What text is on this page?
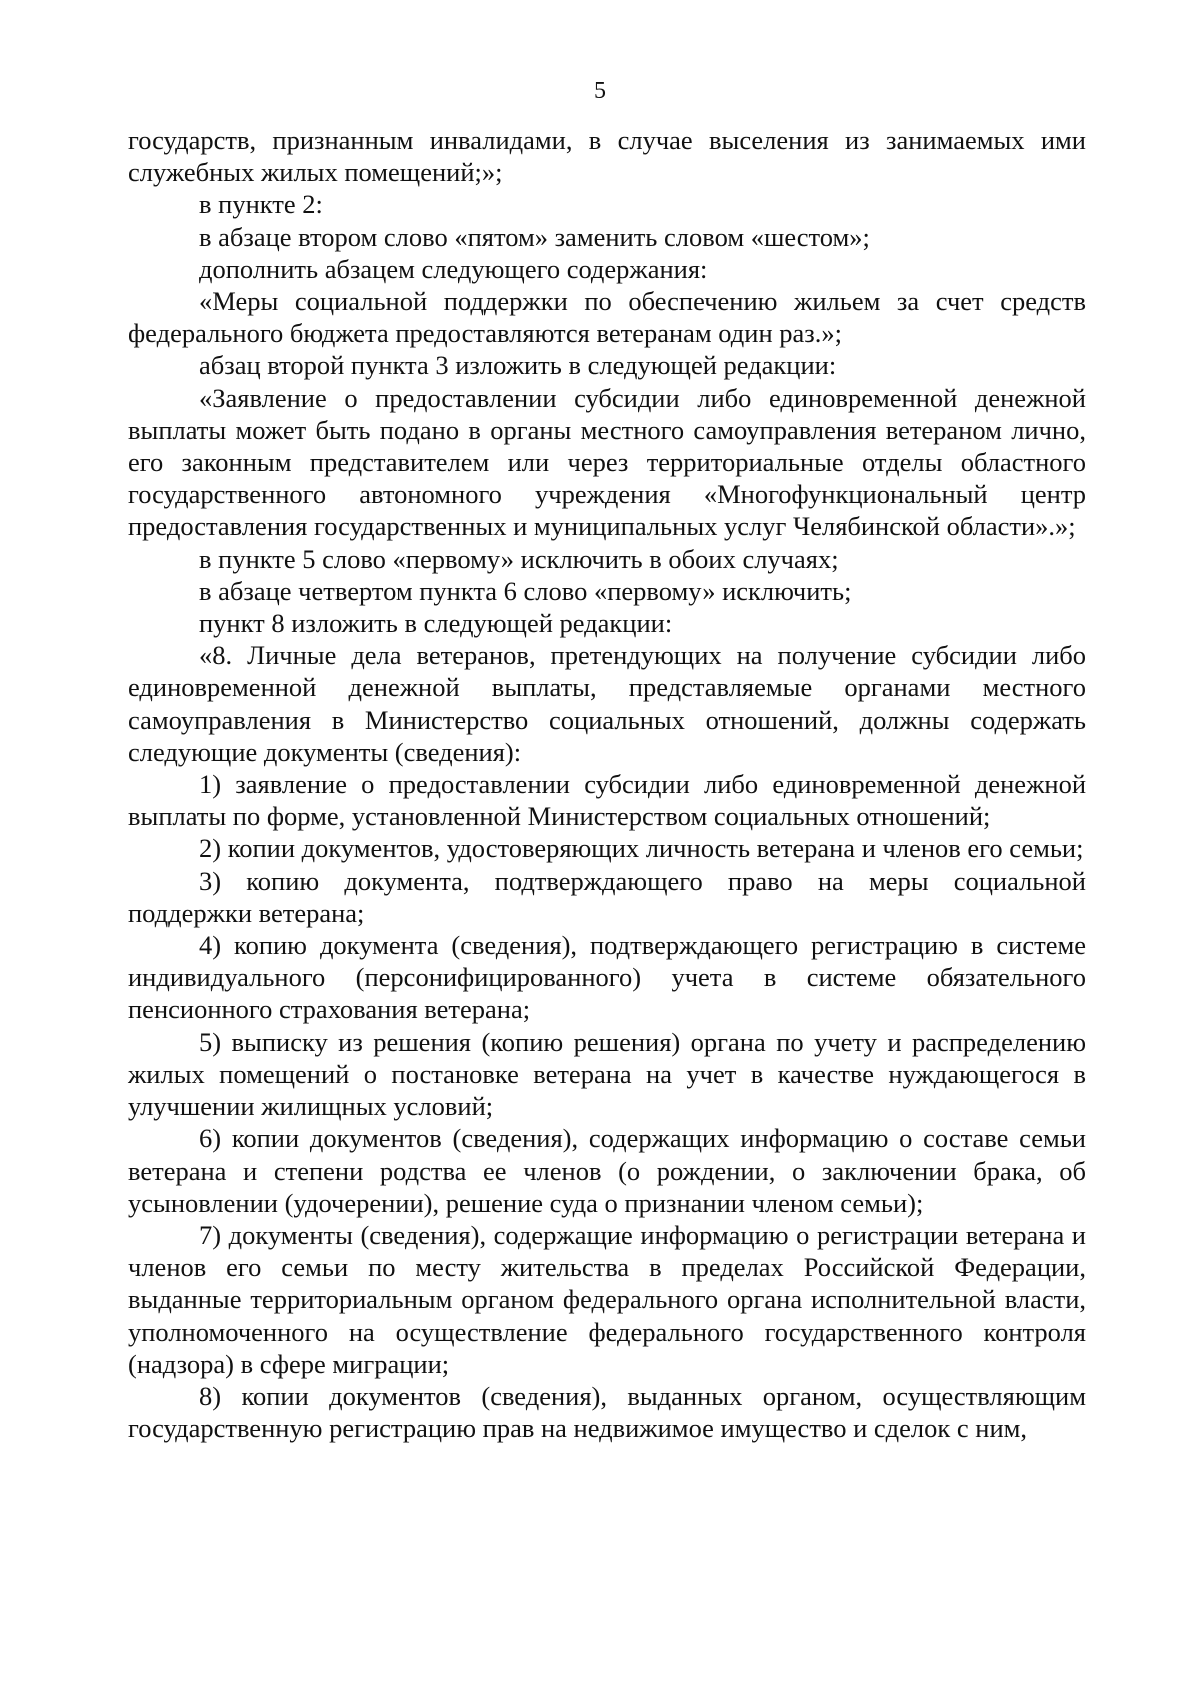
5

государств, признанным инвалидами, в случае выселения из занимаемых ими служебных жилых помещений;»;

в пункте 2:

в абзаце втором слово «пятом» заменить словом «шестом»;

дополнить абзацем следующего содержания:

«Меры социальной поддержки по обеспечению жильем за счет средств федерального бюджета предоставляются ветеранам один раз.»;

абзац второй пункта 3 изложить в следующей редакции:

«Заявление о предоставлении субсидии либо единовременной денежной выплаты может быть подано в органы местного самоуправления ветераном лично, его законным представителем или через территориальные отделы областного государственного автономного учреждения «Многофункциональный центр предоставления государственных и муниципальных услуг Челябинской области».»;

в пункте 5 слово «первому» исключить в обоих случаях;

в абзаце четвертом пункта 6 слово «первому» исключить;

пункт 8 изложить в следующей редакции:

«8. Личные дела ветеранов, претендующих на получение субсидии либо единовременной денежной выплаты, представляемые органами местного самоуправления в Министерство социальных отношений, должны содержать следующие документы (сведения):

1) заявление о предоставлении субсидии либо единовременной денежной выплаты по форме, установленной Министерством социальных отношений;

2) копии документов, удостоверяющих личность ветерана и членов его семьи;

3) копию документа, подтверждающего право на меры социальной поддержки ветерана;

4) копию документа (сведения), подтверждающего регистрацию в системе индивидуального (персонифицированного) учета в системе обязательного пенсионного страхования ветерана;

5) выписку из решения (копию решения) органа по учету и распределению жилых помещений о постановке ветерана на учет в качестве нуждающегося в улучшении жилищных условий;

6) копии документов (сведения), содержащих информацию о составе семьи ветерана и степени родства ее членов (о рождении, о заключении брака, об усыновлении (удочерении), решение суда о признании членом семьи);

7) документы (сведения), содержащие информацию о регистрации ветерана и членов его семьи по месту жительства в пределах Российской Федерации, выданные территориальным органом федерального органа исполнительной власти, уполномоченного на осуществление федерального государственного контроля (надзора) в сфере миграции;

8) копии документов (сведения), выданных органом, осуществляющим государственную регистрацию прав на недвижимое имущество и сделок с ним,
